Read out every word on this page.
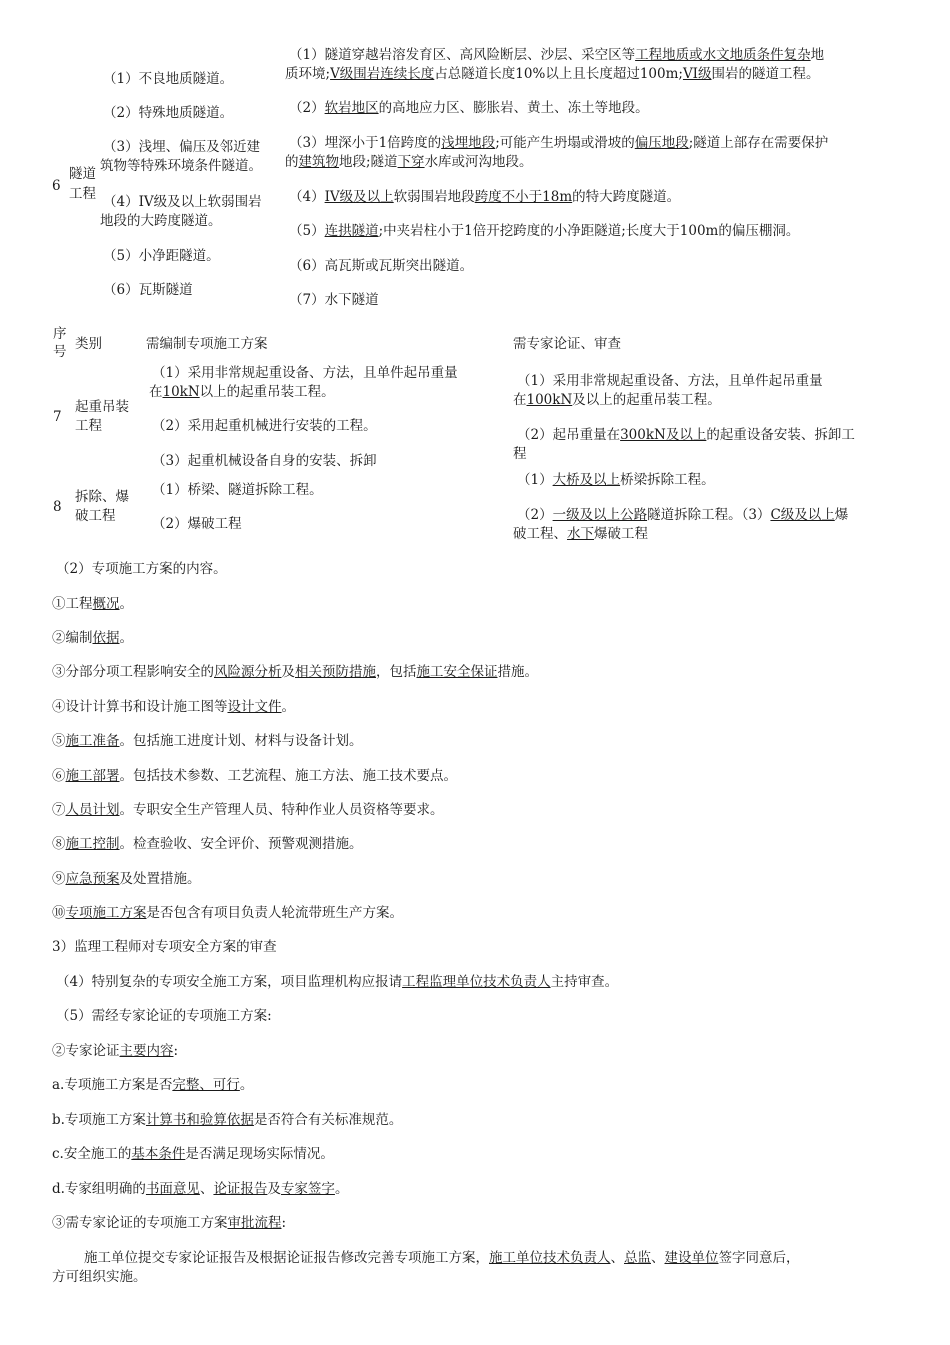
6
隧道
工程
（1）不良地质隧道。
（2）特殊地质隧道。
（3）浅埋、偏压及邻近建
筑物等特殊环境条件隧道。
（4）IV级及以上软弱围岩
地段的大跨度隧道。
（5）小净距隧道。
（6）瓦斯隧道
（1）隧道穿越岩溶发育区、高风险断层、沙层、采空区等工程地质或水文地质条件复杂地
质环境;V级围岩连续长度占总隧道长度10%以上且长度超过100m;VI级围岩的隧道工程。
（2）软岩地区的高地应力区、膨胀岩、黄土、冻土等地段。
（3）埋深小于1倍跨度的浅埋地段;可能产生坍塌或滑坡的偏压地段;隧道上部存在需要保护
的建筑物地段;隧道下穿水库或河沟地段。
（4）IV级及以上软弱围岩地段跨度不小于18m的特大跨度隧道。
（5）连拱隧道;中夹岩柱小于1倍开挖跨度的小净距隧道;长度大于100m的偏压棚洞。
（6）高瓦斯或瓦斯突出隧道。
（7）水下隧道
序
号 类别	需编制专项施工方案	需专家论证、审查
7
起重吊装
工程
（1）采用非常规起重设备、方法，且单件起吊重量
在10kN以上的起重吊装工程。
（2）采用起重机械进行安装的工程。
（3）起重机械设备自身的安装、拆卸
（1）采用非常规起重设备、方法，且单件起吊重量
在100kN及以上的起重吊装工程。
（2）起吊重量在300kN及以上的起重设备安装、拆卸工
程
8
拆除、爆
破工程
（1）桥梁、隧道拆除工程。
（2）爆破工程
（1）大桥及以上桥梁拆除工程。
（2）一级及以上公路隧道拆除工程。（3）C级及以上爆
破工程、水下爆破工程
（2）专项施工方案的内容。
①工程概况。
②编制依据。
③分部分项工程影响安全的风险源分析及相关预防措施，包括施工安全保证措施。
④设计计算书和设计施工图等设计文件。
⑤施工准备。包括施工进度计划、材料与设备计划。
⑥施工部署。包括技术参数、工艺流程、施工方法、施工技术要点。
⑦人员计划。专职安全生产管理人员、特种作业人员资格等要求。
⑧施工控制。检查验收、安全评价、预警观测措施。
⑨应急预案及处置措施。
⑩专项施工方案是否包含有项目负责人轮流带班生产方案。
3）监理工程师对专项安全方案的审查
（4）特别复杂的专项安全施工方案，项目监理机构应报请工程监理单位技术负责人主持审查。
（5）需经专家论证的专项施工方案:
②专家论证主要内容:
a.专项施工方案是否完整、可行。
b.专项施工方案计算书和验算依据是否符合有关标准规范。
c.安全施工的基本条件是否满足现场实际情况。
d.专家组明确的书面意见、论证报告及专家签字。
③需专家论证的专项施工方案审批流程:
施工单位提交专家论证报告及根据论证报告修改完善专项施工方案，施工单位技术负责人、总监、建设单位签字同意后，
方可组织实施。
